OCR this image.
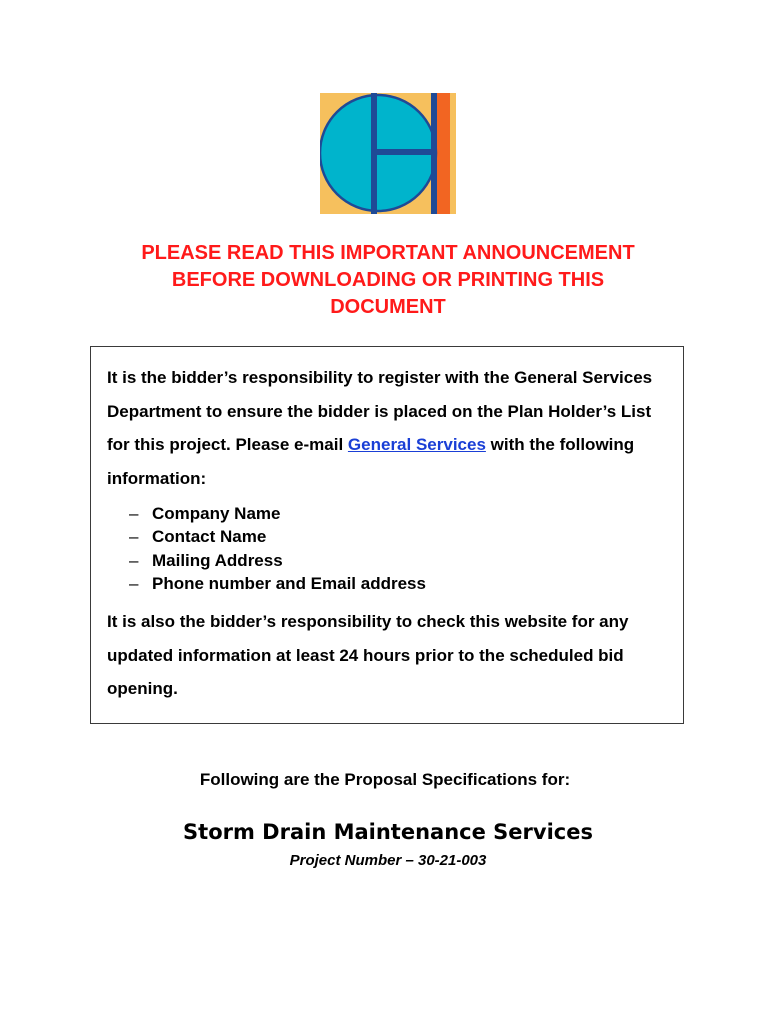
PLEASE READ THIS IMPORTANT ANNOUNCEMENT
BEFORE DOWNLOADING OR PRINTING THIS
DOCUMENT

It is the bidder’s responsibility to register with the General Services Department to ensure the bidder is placed on the Plan Holder’s List for this project. Please e-mail General Services with the following information:

– Company Name
– Contact Name
– Mailing Address
– Phone number and Email address

It is also the bidder’s responsibility to check this website for any updated information at least 24 hours prior to the scheduled bid opening.

Following are the Proposal Specifications for:

Storm Drain Maintenance Services

Project Number – 30-21-003
